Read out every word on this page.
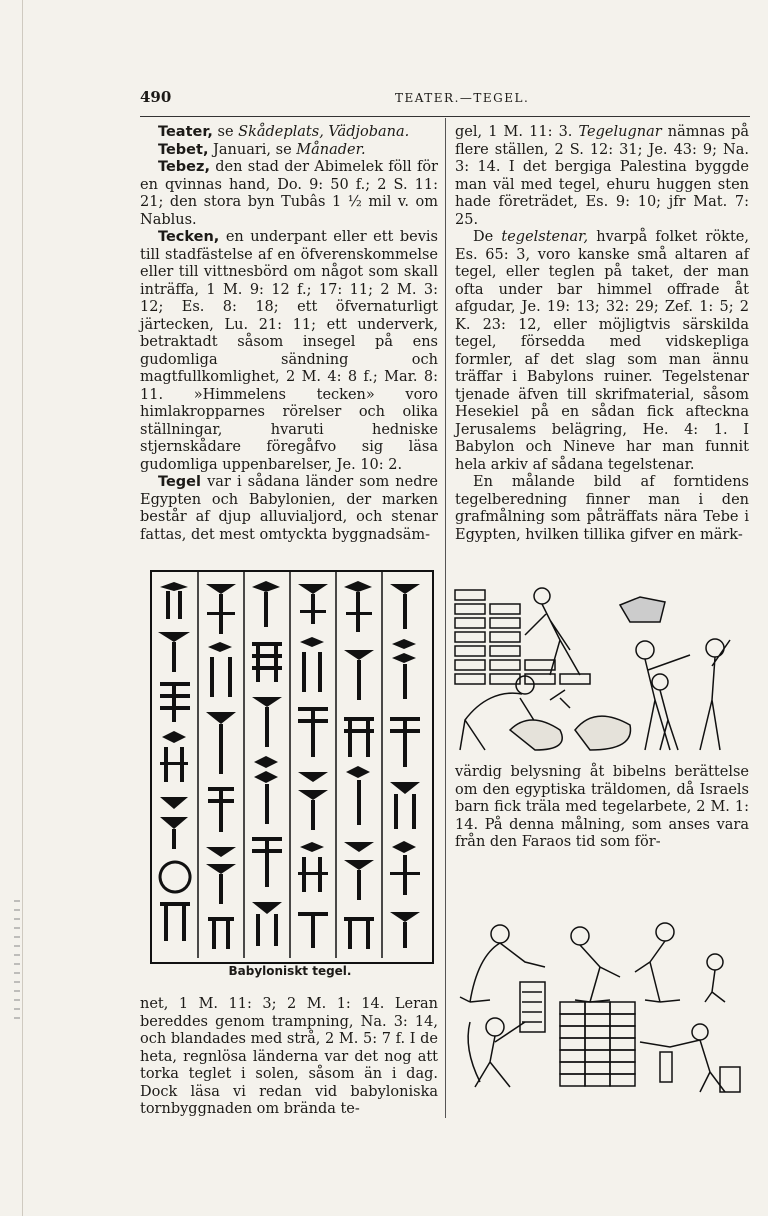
490	TEATER.—TEGEL.

Teater, se Skådeplats, Vädjobana.

Tebet, Januari, se Månader.

Tebez, den stad der Abimelek föll för en qvinnas hand, Do. 9: 50 f.; 2 S. 11: 21; den stora byn Tubâs 1 ½ mil v. om Nablus.

Tecken, en underpant eller ett bevis till stadfästelse af en öfverenskommelse eller till vittnesbörd om något som skall inträffa, 1 M. 9: 12 f.; 17: 11; 2 M. 3: 12; Es. 8: 18; ett öfvernaturligt järtecken, Lu. 21: 11; ett underverk, betraktadt såsom insegel på ens gudomliga sändning och magtfullkomlighet, 2 M. 4: 8 f.; Mar. 8: 11. »Himmelens tecken» voro himlakropparnes rörelser och olika ställningar, hvaruti hedniske stjernskådare föregåfvo sig läsa gudomliga uppenbarelser, Je. 10: 2.

Tegel var i sådana länder som nedre Egypten och Babylonien, der marken består af djup alluvialjord, och stenar fattas, det mest omtyckta byggnadsäm-

Babyloniskt tegel.

net, 1 M. 11: 3; 2 M. 1: 14. Leran bereddes genom trampning, Na. 3: 14, och blandades med strå, 2 M. 5: 7 f. I de heta, regnlösa länderna var det nog att torka teglet i solen, såsom än i dag. Dock läsa vi redan vid babyloniska tornbyggnaden om brända te-

gel, 1 M. 11: 3. Tegelugnar nämnas på flere ställen, 2 S. 12: 31; Je. 43: 9; Na. 3: 14. I det bergiga Palestina byggde man väl med tegel, ehuru huggen sten hade företrädet, Es. 9: 10; jfr Mat. 7: 25.

De tegelstenar, hvarpå folket rökte, Es. 65: 3, voro kanske små altaren af tegel, eller teglen på taket, der man ofta under bar himmel offrade åt afgudar, Je. 19: 13; 32: 29; Zef. 1: 5; 2 K. 23: 12, eller möjligtvis särskilda tegel, försedda med vidskepliga formler, af det slag som man ännu träffar i Babylons ruiner. Tegelstenar tjenade äfven till skrifmaterial, såsom Hesekiel på en sådan fick afteckna Jerusalems belägring, He. 4: 1. I Babylon och Nineve har man funnit hela arkiv af sådana tegelstenar.

En målande bild af forntidens tegelberedning finner man i den grafmålning som påträffats nära Tebe i Egypten, hvilken tillika gifver en märk-

värdig belysning åt bibelns berättelse om den egyptiska träldomen, då Israels barn fick träla med tegelarbete, 2 M. 1: 14. På denna målning, som anses vara från den Faraos tid som för-
